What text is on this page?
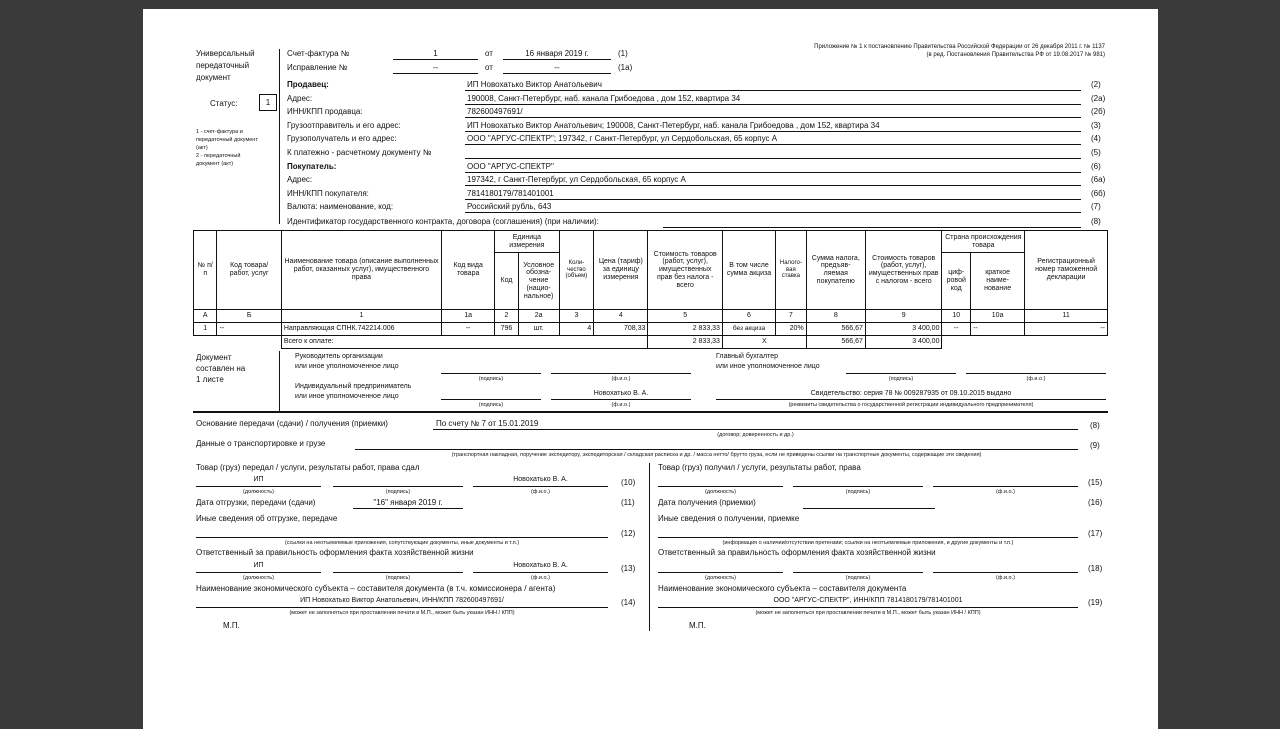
Универсальный
передаточный
документ
Статус:	1
1 - счет-фактура и
передаточный документ
(акт)
2 - передаточный
документ (акт)
Счет-фактура №	1	от	16 января 2019 г.	(1)
Исправление №	--	от	--	(1а)
Приложение № 1 к постановлению Правительства Российской Федерации от 26 декабря 2011 г. № 1137
(в ред. Постановления Правительства РФ от 19.08.2017 № 981)
Продавец:	ИП Новохатько Виктор Анатольевич	(2)
Адрес:	190008, Санкт-Петербург, наб. канала Грибоедова , дом 152, квартира 34	(2а)
ИНН/КПП продавца:	782600497691/	(2б)
Грузоотправитель и его адрес:	ИП Новохатько Виктор Анатольевич; 190008, Санкт-Петербург, наб. канала Грибоедова , дом 152, квартира 34	(3)
Грузополучатель и его адрес:	ООО "АРГУС-СПЕКТР"; 197342, г Санкт-Петербург, ул Сердобольская, 65 корпус А	(4)
К платежно - расчетному документу №	(5)
Покупатель:	ООО "АРГУС-СПЕКТР"	(6)
Адрес:	197342, г Санкт-Петербург, ул Сердобольская, 65 корпус А	(6а)
ИНН/КПП покупателя:	7814180179/781401001	(6б)
Валюта: наименование, код:	Российский рубль, 643	(7)
Идентификатор государственного контракта, договора (соглашения) (при наличии):	(8)
№ п/п	Код товара/ работ, услуг	Наименование товара (описание выполненных работ, оказанных услуг), имущественного права	Код вида товара	Единица измерения		Коли- чество (объем)	Цена (тариф) за единицу измерения	Стоимость товаров (работ, услуг), имущественных прав без налога - всего	В том числе сумма акциза	Налого- вая ставка	Сумма налога, предъяв- ляемая покупателю	Стоимость товаров (работ, услуг), имущественных прав с налогом - всего	Страна происхождения товара		Регистрационный номер таможенной декларации
				Код	Условное обозна- чение (нацио- нальное)								циф- ровой код	краткое наиме- нование	
А	Б	1	1а	2	2а	3	4	5	6	7	8	9	10	10а	11
1	--	Направляющая СПНК.742214.006	--	796	шт.	4	708,33	2 833,33	без акциза	20%	566,67	3 400,00	--	--	--
		Всего к оплате:						2 833,33	Х		566,67	3 400,00			
Документ
составлен на
1 листе
Руководитель организации
или иное уполномоченное лицо
(подпись)	(ф.и.о.)
Главный бухгалтер
или иное уполномоченное лицо
(подпись)	(ф.и.о.)
Индивидуальный предприниматель
или иное уполномоченное лицо
(подпись)
Новохатько В. А.
(ф.и.о.)
Свидетельство: серия 78 № 009287935 от 09.10.2015 выдано
(реквизиты свидетельства о государственной регистрации индивидуального предпринимателя)
Основание передачи (сдачи) / получения (приемки)	По счету № 7 от 15.01.2019
(договор; доверенность и др.)
(8)
Данные о транспортировке и грузе
(транспортная накладная, поручение экспедитору, экспедиторская / складская расписка и др. / масса нетто/ брутто груза, если не приведены ссылки на транспортные документы, содержащие эти сведения)
(9)
Товар (груз) передал / услуги, результаты работ, права сдал
ИП
(должность)	(подпись)
Новохатько В. А.
(ф.и.о.)
(10)
Дата отгрузки, передачи (сдачи)	"16" января 2019 г.	(11)
Иные сведения об отгрузке, передаче
(ссылки на неотъемлемые приложения, сопутствующие документы, иные документы и т.п.)
(12)
Ответственный за правильность оформления факта хозяйственной жизни
ИП
(должность)	(подпись)
Новохатько В. А.
(ф.и.о.)
(13)
Наименование экономического субъекта – составителя документа (в т.ч. комиссионера / агента)
ИП Новохатько Виктор Анатольевич, ИНН/КПП 782600497691/
(может не заполняться при проставлении печати в М.П., может быть указан ИНН / КПП)
(14)
М.П.
Товар (груз) получил / услуги, результаты работ, права
(должность)	(подпись)	(ф.и.о.)
(15)
Дата получения (приемки)	(16)
Иные сведения о получении, приемке
(информация о наличии/отсутствии претензии; ссылки на неотъемлемые приложения, и другие документы и т.п.)
(17)
Ответственный за правильность оформления факта хозяйственной жизни
(должность)	(подпись)	(ф.и.о.)
(18)
Наименование экономического субъекта – составителя документа
ООО "АРГУС-СПЕКТР", ИНН/КПП 7814180179/781401001
(может не заполняться при проставлении печати в М.П., может быть указан ИНН / КПП)
(19)
М.П.
